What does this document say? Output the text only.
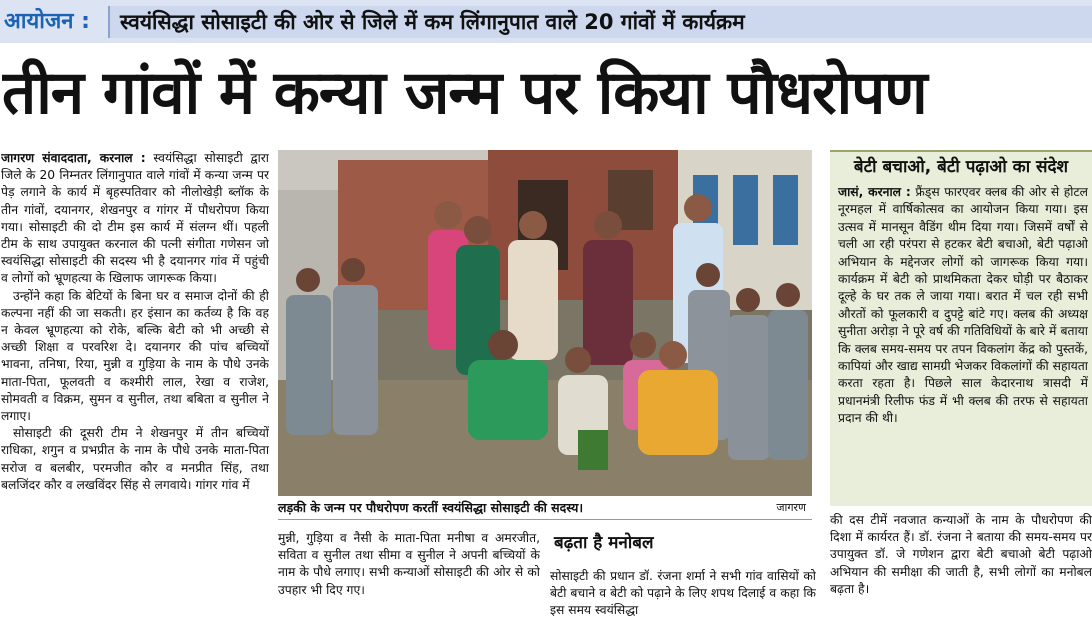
आयोजन :	स्वयंसिद्धा सोसाइटी की ओर से जिले में कम लिंगानुपात वाले 20 गांवों में कार्यक्रम
तीन गांवों में कन्या जन्म पर किया पौधरोपण

जागरण संवाददाता, करनाल : स्वयंसिद्धा सोसाइटी द्वारा जिले के 20 निम्नतर लिंगानुपात वाले गांवों में कन्या जन्म पर पेड़ लगाने के कार्य में बृहस्पतिवार को नीलोखेड़ी ब्लॉक के तीन गांवों, दयानगर, शेखनपुर व गांगर में पौधरोपण किया गया। सोसाइटी की दो टीम इस कार्य में संलग्न थीं। पहली टीम के साथ उपायुक्त करनाल की पत्नी संगीता गणेसन जो स्वयंसिद्धा सोसाइटी की सदस्य भी है दयानगर गांव में पहुंची व लोगों को भ्रूणहत्या के खिलाफ जागरूक किया।

उन्होंने कहा कि बेटियों के बिना घर व समाज दोनों की ही कल्पना नहीं की जा सकती। हर इंसान का कर्तव्य है कि वह न केवल भ्रूणहत्या को रोके, बल्कि बेटी को भी अच्छी से अच्छी शिक्षा व परवरिश दे। दयानगर की पांच बच्चियों भावना, तनिषा, रिया, मुन्नी व गुड़िया के नाम के पौधे उनके माता-पिता, फूलवती व कश्मीरी लाल, रेखा व राजेश, सोमवती व विक्रम, सुमन व सुनील, तथा बबिता व सुनील ने लगाए।

सोसाइटी की दूसरी टीम ने शेखनपुर में तीन बच्चियों राधिका, शगुन व प्रभप्रीत के नाम के पौधे उनके माता-पिता सरोज व बलबीर, परमजीत कौर व मनप्रीत सिंह, तथा बलजिंदर कौर व लखविंदर सिंह से लगवाये। गांगर गांव में

लड़की के जन्म पर पौधरोपण करतीं स्वयंसिद्धा सोसाइटी की सदस्य।	जागरण

मुन्नी, गुड़िया व नैसी के माता-पिता मनीषा व अमरजीत, सविता व सुनील तथा सीमा व सुनील ने अपनी बच्चियों के नाम के पौधे लगाए। सभी कन्याओं सोसाइटी की ओर से को उपहार भी दिए गए।

बढ़ता है मनोबल

सोसाइटी की प्रधान डॉ. रंजना शर्मा ने सभी गांव वासियों को बेटी बचाने व बेटी को पढ़ाने के लिए शपथ दिलाई व कहा कि इस समय स्वयंसिद्धा

बेटी बचाओ, बेटी पढ़ाओ का संदेश
जासं, करनाल : फ्रैंड्स फारएवर क्लब की ओर से होटल नूरमहल में वार्षिकोत्सव का आयोजन किया गया। इस उत्सव में मानसून वैडिंग थीम दिया गया। जिसमें वर्षों से चली आ रही परंपरा से हटकर बेटी बचाओ, बेटी पढ़ाओ अभियान के मद्देनजर लोगों को जागरूक किया गया। कार्यक्रम में बेटी को प्राथमिकता देकर घोड़ी पर बैठाकर दूल्हे के घर तक ले जाया गया। बरात में चल रही सभी औरतों को फूलकारी व दुपट्टे बांटे गए। क्लब की अध्यक्ष सुनीता अरोड़ा ने पूरे वर्ष की गतिविधियों के बारे में बताया कि क्लब समय-समय पर तपन विकलांग केंद्र को पुस्तकें, कापियां और खाद्य सामग्री भेजकर विकलांगों की सहायता करता रहता है। पिछले साल केदारनाथ त्रासदी में प्रधानमंत्री रिलीफ फंड में भी क्लब की तरफ से सहायता प्रदान की थी।

की दस टीमें नवजात कन्याओं के नाम के पौधरोपण की दिशा में कार्यरत हैं। डॉ. रंजना ने बताया की समय-समय पर उपायुक्त डॉ. जे गणेशन द्वारा बेटी बचाओ बेटी पढ़ाओ अभियान की समीक्षा की जाती है, सभी लोगों का मनोबल बढ़ता है।
